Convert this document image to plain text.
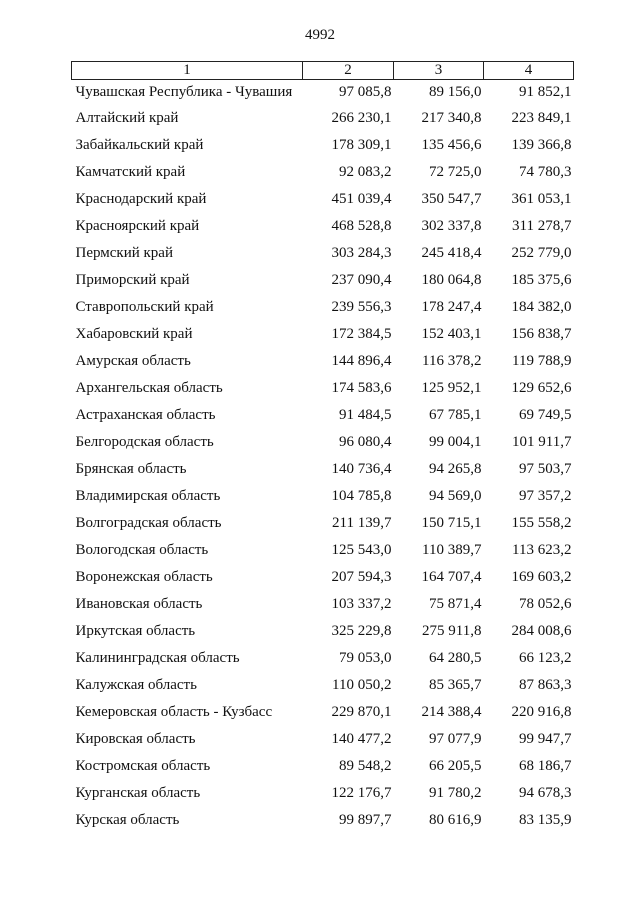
4992
1	2	3	4
Чувашская Республика - Чувашия	97 085,8	89 156,0	91 852,1
Алтайский край	266 230,1	217 340,8	223 849,1
Забайкальский край	178 309,1	135 456,6	139 366,8
Камчатский край	92 083,2	72 725,0	74 780,3
Краснодарский край	451 039,4	350 547,7	361 053,1
Красноярский край	468 528,8	302 337,8	311 278,7
Пермский край	303 284,3	245 418,4	252 779,0
Приморский край	237 090,4	180 064,8	185 375,6
Ставропольский край	239 556,3	178 247,4	184 382,0
Хабаровский край	172 384,5	152 403,1	156 838,7
Амурская область	144 896,4	116 378,2	119 788,9
Архангельская область	174 583,6	125 952,1	129 652,6
Астраханская область	91 484,5	67 785,1	69 749,5
Белгородская область	96 080,4	99 004,1	101 911,7
Брянская область	140 736,4	94 265,8	97 503,7
Владимирская область	104 785,8	94 569,0	97 357,2
Волгоградская область	211 139,7	150 715,1	155 558,2
Вологодская область	125 543,0	110 389,7	113 623,2
Воронежская область	207 594,3	164 707,4	169 603,2
Ивановская область	103 337,2	75 871,4	78 052,6
Иркутская область	325 229,8	275 911,8	284 008,6
Калининградская область	79 053,0	64 280,5	66 123,2
Калужская область	110 050,2	85 365,7	87 863,3
Кемеровская область - Кузбасс	229 870,1	214 388,4	220 916,8
Кировская область	140 477,2	97 077,9	99 947,7
Костромская область	89 548,2	66 205,5	68 186,7
Курганская область	122 176,7	91 780,2	94 678,3
Курская область	99 897,7	80 616,9	83 135,9
